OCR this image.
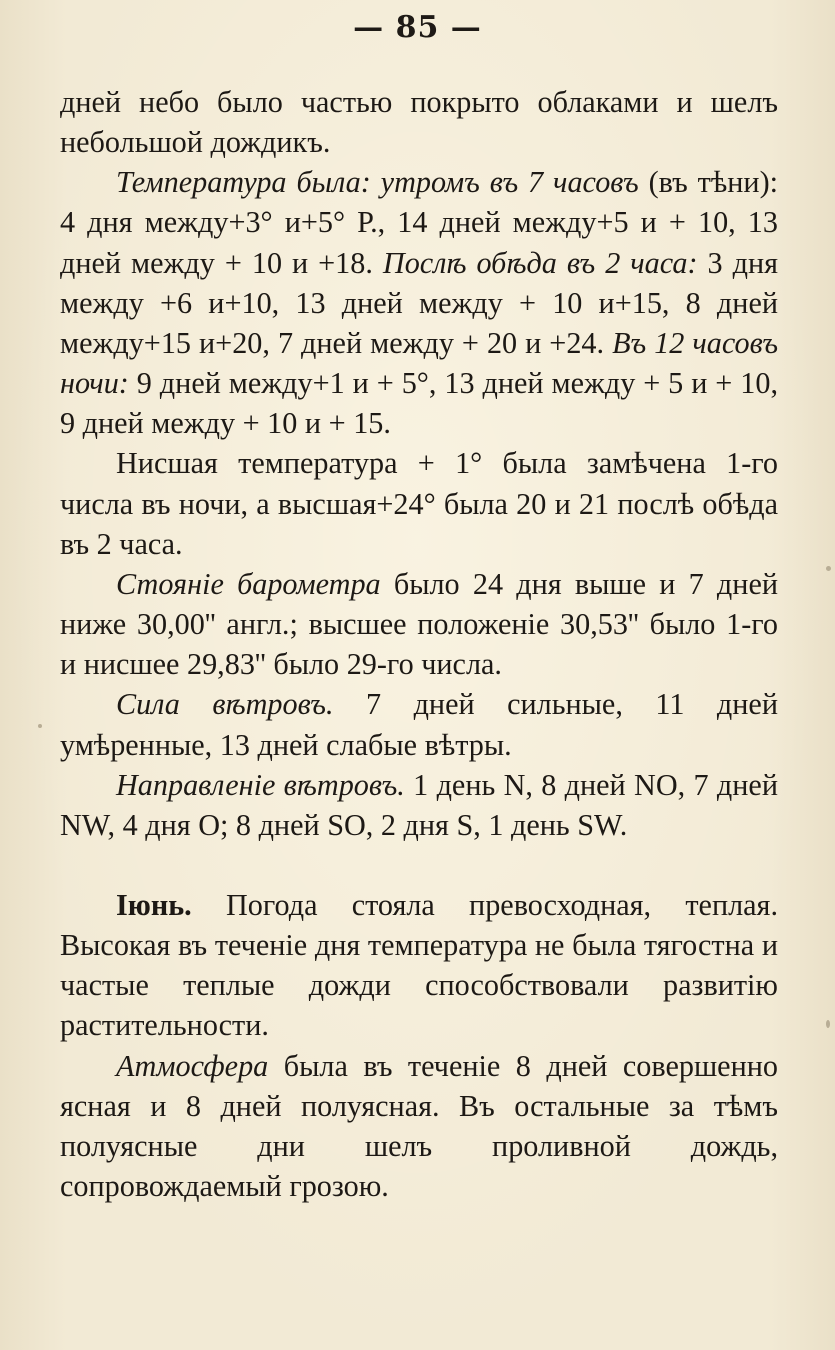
— 85 —

дней небо было частью покрыто облаками и шелъ небольшой дождикъ.

Температура была: утромъ въ 7 часовъ (въ тѣни): 4 дня между+3° и+5° Р., 14 дней между+5 и + 10, 13 дней между + 10 и +18. Послѣ обѣда въ 2 часа: 3 дня между +6 и+10, 13 дней между + 10 и+15, 8 дней между+15 и+20, 7 дней между + 20 и +24. Въ 12 часовъ ночи: 9 дней между+1 и + 5°, 13 дней между + 5 и + 10, 9 дней между + 10 и + 15.

Нисшая температура + 1° была замѣчена 1-го числа въ ночи, а высшая+24° была 20 и 21 послѣ обѣда въ 2 часа.

Стояніе барометра было 24 дня выше и 7 дней ниже 30,00'' англ.; высшее положеніе 30,53'' было 1-го и нисшее 29,83'' было 29-го числа.

Сила вѣтровъ. 7 дней сильные, 11 дней умѣренные, 13 дней слабые вѣтры.

Направленіе вѣтровъ. 1 день N, 8 дней NO, 7 дней NW, 4 дня O; 8 дней SO, 2 дня S, 1 день SW.

Іюнь. Погода стояла превосходная, теплая. Высокая въ теченіе дня температура не была тягостна и частые теплые дожди способствовали развитію растительности.

Атмосфера была въ теченіе 8 дней совершенно ясная и 8 дней полуясная. Въ остальные за тѣмъ полуясные дни шелъ проливной дождь, сопровождаемый грозою.
